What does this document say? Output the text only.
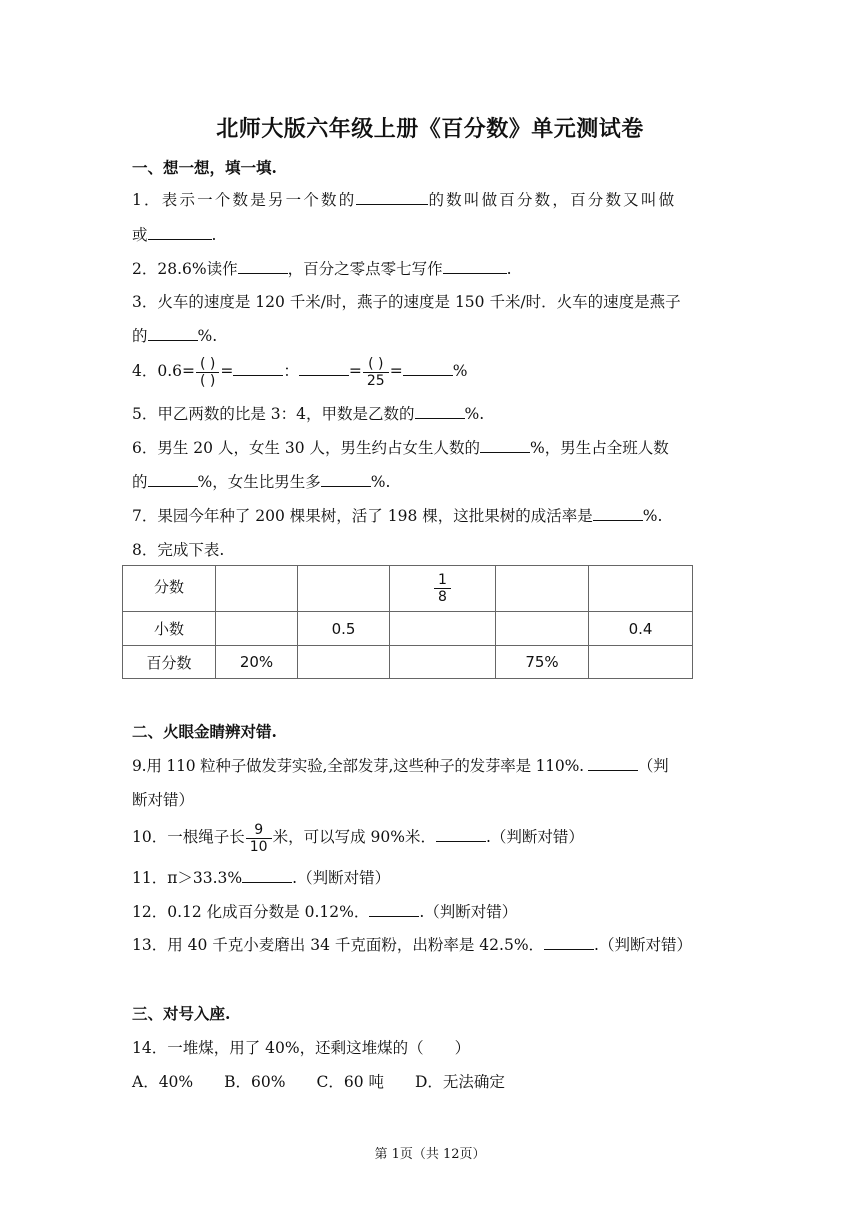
北师大版六年级上册《百分数》单元测试卷
一、想一想，填一填.
1．表示一个数是另一个数的	的数叫做百分数，百分数又叫做
或	.
2．28.6%读作	，百分之零点零七写作	.
3．火车的速度是 120 千米/时，燕子的速度是 150 千米/时．火车的速度是燕子
的	%.
4．$0.6= \frac{( )}{( )}$ =	：	= $\frac{( )}{25}$ =	%
5．甲乙两数的比是 3：4，甲数是乙数的	%.
6．男生 20 人，女生 30 人，男生约占女生人数的	%，男生占全班人数
的	%，女生比男生多	%.
7．果园今年种了 200 棵果树，活了 198 棵，这批果树的成活率是	%.
8．完成下表.
分数			$\frac{1}{8}$

小数		0.5			0.4
百分数	20%			75%	
二、火眼金睛辨对错.
9.用 110 粒种子做发芽实验,全部发芽,这些种子的发芽率是 110%.	（判
断对错）
10．一根绳子长 $\frac{9}{10}$ 米，可以写成 90%米．	.（判断对错）
11．π＞33.3%	.（判断对错）
12．0.12 化成百分数是 0.12%．	.（判断对错）
13．用 40 千克小麦磨出 34 千克面粉，出粉率是 42.5%．	.（判断对错）
三、对号入座.
14．一堆煤，用了 40%，还剩这堆煤的（　　）
A．40%　　B．60%　　C．60 吨　　D．无法确定
第 1页（共 12页）
